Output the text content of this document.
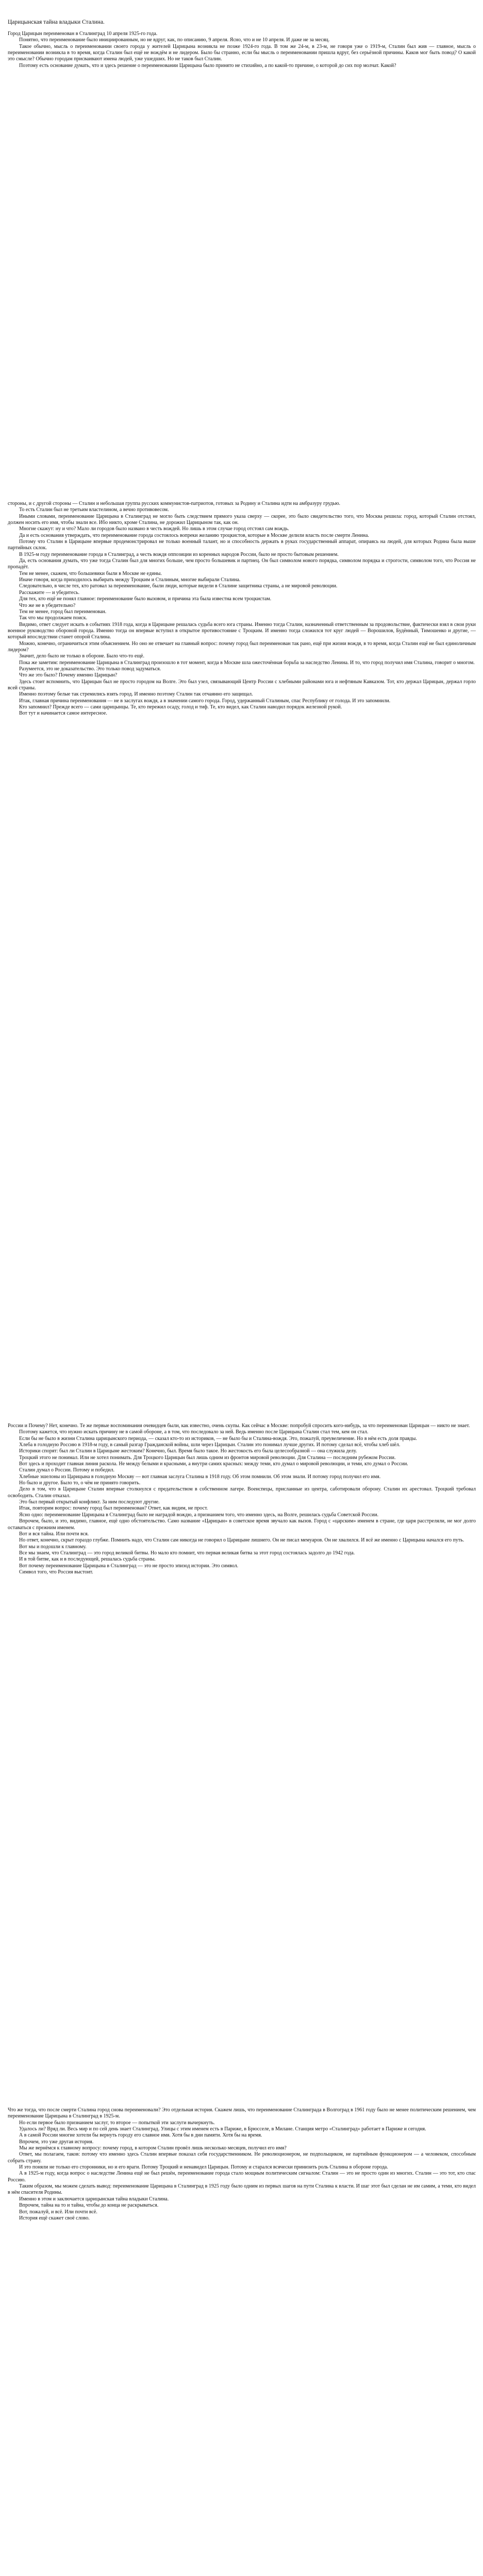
Царицынская тайна владыки Сталина.

Город Царицын переименован в Сталинград 10 апреля 1925-го года.

Понятно, что переименование было инициированным, но не вдруг, как, по описанию, 9 апреля. Ясно, что и не 10 апреля. И даже не за месяц.

Такое обычно, мысль о переименовании своего города у жителей Царицына возникла не позже 1924-го года. В том же 24-м, в 23-м, не говоря уже о 1919-м, Сталин был жив — главное, мысль о переименовании возникла в то время, когда Сталин был ещё не вождём и не лидером. Было бы странно, если бы мысль о переименовании пришла вдруг, без серьёзной причины. Каков мог быть повод? О какой это смысле? Обычно городам присваивают имена людей, уже ушедших. Но не таков был Сталин.

Поэтому есть основание думать, что и здесь решение о переименовании Царицына было принято не стихийно, а по какой-то причине, о которой до сих пор молчат. Какой?

стороны, и с другой стороны — Сталин и небольшая группа русских коммунистов-патриотов, готовых за Родину и Сталина идти на амбразуру грудью.

То есть Сталин был не третьим властелином, а вечно противовесом.

Иными словами, переименование Царицына в Сталинград не могло быть следствием прямого указа сверху — скорее, это было свидетельство того, что Москва решила: город, который Сталин отстоял, должен носить его имя, чтобы знали все. Ибо никто, кроме Сталина, не дорожил Царицыном так, как он.

Многие скажут: ну и что? Мало ли городов было названо в честь вождей. Но лишь в этом случае город отстоял сам вождь.

Да и есть основания утверждать, что переименование города состоялось вопреки желанию троцкистов, которые в Москве делили власть после смерти Ленина.

Потому что Сталин в Царицыне впервые продемонстрировал не только военный талант, но и способность держать в руках государственный аппарат, опираясь на людей, для которых Родина была выше партийных склок.

В 1925-м году переименование города в Сталинград, а честь вождя оппозиции из коренных народов России, было не просто бытовым решением.

Да, есть основания думать, что уже тогда Сталин был для многих больше, чем просто большевик и партиец. Он был символом нового порядка, символом порядка и строгости, символом того, что Россия не пропадёт.

Тем не менее, скажем, что большевики были в Москве не едины.

Иначе говоря, когда приходилось выбирать между Троцким и Сталиным, многие выбирали Сталина.

Следовательно, в числе тех, кто ратовал за переименование, были люди, которые видели в Сталине защитника страны, а не мировой революции.

Расскажите — и убедитесь.

Для тех, кто ещё не понял главное: переименование было вызовом, и причина эта была известна всем троцкистам.

Что же не в убедительно?

Тем не менее, город был переименован.

Так что мы продолжаем поиск.

Видимо, ответ следует искать в событиях 1918 года, когда в Царицыне решалась судьба всего юга страны. Именно тогда Сталин, назначенный ответственным за продовольствие, фактически взял в свои руки военное руководство обороной города. Именно тогда он впервые вступил в открытое противостояние с Троцким. И именно тогда сложился тот круг людей — Ворошилов, Будённый, Тимошенко и другие, — который впоследствии станет опорой Сталина.

Можно, конечно, ограничиться этим объяснением. Но оно не отвечает на главный вопрос: почему город был переименован так рано, ещё при жизни вождя, в то время, когда Сталин ещё не был единоличным лидером?

Значит, дело было не только в обороне. Было что-то ещё.

Пока же заметим: переименование Царицына в Сталинград произошло в тот момент, когда в Москве шла ожесточённая борьба за наследство Ленина. И то, что город получил имя Сталина, говорит о многом.

Разумеется, это не доказательство. Это только повод задуматься.

Что же это было? Почему именно Царицын?

Здесь стоит вспомнить, что Царицын был не просто городом на Волге. Это был узел, связывающий Центр России с хлебными районами юга и нефтяным Кавказом. Тот, кто держал Царицын, держал горло всей страны.

Именно поэтому белые так стремились взять город. И именно поэтому Сталин так отчаянно его защищал.

Итак, главная причина переименования — не в заслугах вождя, а в значении самого города. Город, удержанный Сталиным, спас Республику от голода. И это запомнили.

Кто запомнил? Прежде всего — сами царицынцы. Те, кто пережил осаду, голод и тиф. Те, кто видел, как Сталин наводил порядок железной рукой.

Вот тут и начинается самое интересное.

России и Почему? Нет, конечно. Те же первые воспоминания очевидцев были, как известно, очень скупы. Как сейчас в Москве: попробуй спросить кого-нибудь, за что переименован Царицын — никто не знает.

Поэтому кажется, что нужно искать причину не в самой обороне, а в том, что последовало за ней. Ведь именно после Царицына Сталин стал тем, кем он стал.

Если бы не было в жизни Сталина царицынского периода, — сказал кто-то из историков, — не было бы и Сталина-вождя. Это, пожалуй, преувеличение. Но в нём есть доля правды.

Хлеба в голодную Россию в 1918-м году, в самый разгар Гражданской войны, шли через Царицын. Сталин это понимал лучше других. И потому сделал всё, чтобы хлеб шёл.

Историки спорят: был ли Сталин в Царицыне жестоким? Конечно, был. Время было такое. Но жестокость его была целесообразной — она служила делу.

Троцкий этого не понимал. Или не хотел понимать. Для Троцкого Царицын был лишь одним из фронтов мировой революции. Для Сталина — последним рубежом России.

Вот здесь и проходит главная линия раскола. Не между белыми и красными, а внутри самих красных: между теми, кто думал о мировой революции, и теми, кто думал о России.

Сталин думал о России. Потому и победил.

Хлебные эшелоны из Царицына в голодную Москву — вот главная заслуга Сталина в 1918 году. Об этом помнили. Об этом знали. И потому город получил его имя.

Но было и другое. Было то, о чём не принято говорить.

Дело в том, что в Царицыне Сталин впервые столкнулся с предательством в собственном лагере. Военспецы, присланные из центра, саботировали оборону. Сталин их арестовал. Троцкий требовал освободить. Сталин отказал.

Это был первый открытый конфликт. За ним последуют другие.

Итак, повторим вопрос: почему город был переименован? Ответ, как видим, не прост.

Ясно одно: переименование Царицына в Сталинград было не наградой вождю, а признанием того, что именно здесь, на Волге, решилась судьба Советской России.

Впрочем, было, и это, видимо, главное, ещё одно обстоятельство. Само название «Царицын» в советское время звучало как вызов. Город с «царским» именем в стране, где царя расстреляли, не мог долго оставаться с прежним именем.

Вот и вся тайна. Или почти вся.

Но ответ, конечно, скрыт гораздо глубже. Помнить надо, что Сталин сам никогда не говорил о Царицыне лишнего. Он не писал мемуаров. Он не хвалился. И всё же именно с Царицына начался его путь.

Вот мы и подошли к главному.

Все мы знаем, что Сталинград — это город великой битвы. Но мало кто помнит, что первая великая битва за этот город состоялась задолго до 1942 года.

И в той битве, как и в последующей, решалась судьба страны.

Вот почему переименование Царицына в Сталинград — это не просто эпизод истории. Это символ.

Символ того, что Россия выстоит.

Что же тогда, что после смерти Сталина город снова переименовали? Это отдельная история. Скажем лишь, что переименование Сталинграда в Волгоград в 1961 году было не менее политическим решением, чем переименование Царицына в Сталинград в 1925-м.

Но если первое было признанием заслуг, то второе — попыткой эти заслуги вычеркнуть.

Удалось ли? Вряд ли. Весь мир и по сей день знает Сталинград. Улицы с этим именем есть в Париже, в Брюсселе, в Милане. Станция метро «Сталинград» работает в Париже и сегодня.

А в самой России многие хотели бы вернуть городу его славное имя. Хотя бы в дни памяти. Хотя бы на время.

Впрочем, это уже другая история.

Мы же вернёмся к главному вопросу: почему город, в котором Сталин провёл лишь несколько месяцев, получил его имя?

Ответ, мы полагаем, таков: потому что именно здесь Сталин впервые показал себя государственником. Не революционером, не подпольщиком, не партийным функционером — а человеком, способным собрать страну.

И это поняли не только его сторонники, но и его враги. Потому Троцкий и ненавидел Царицын. Потому и старался всячески принизить роль Сталина в обороне города.

А в 1925-м году, когда вопрос о наследстве Ленина ещё не был решён, переименование города стало мощным политическим сигналом: Сталин — это не просто один из многих. Сталин — это тот, кто спас Россию.

Таким образом, мы можем сделать вывод: переименование Царицына в Сталинград в 1925 году было одним из первых шагов на пути Сталина к власти. И шаг этот был сделан не им самим, а теми, кто видел в нём спасителя Родины.

Именно в этом и заключается царицынская тайна владыки Сталина.

Впрочем, тайна на то и тайна, чтобы до конца не раскрываться.

Вот, пожалуй, и всё. Или почти всё.

История ещё скажет своё слово.
